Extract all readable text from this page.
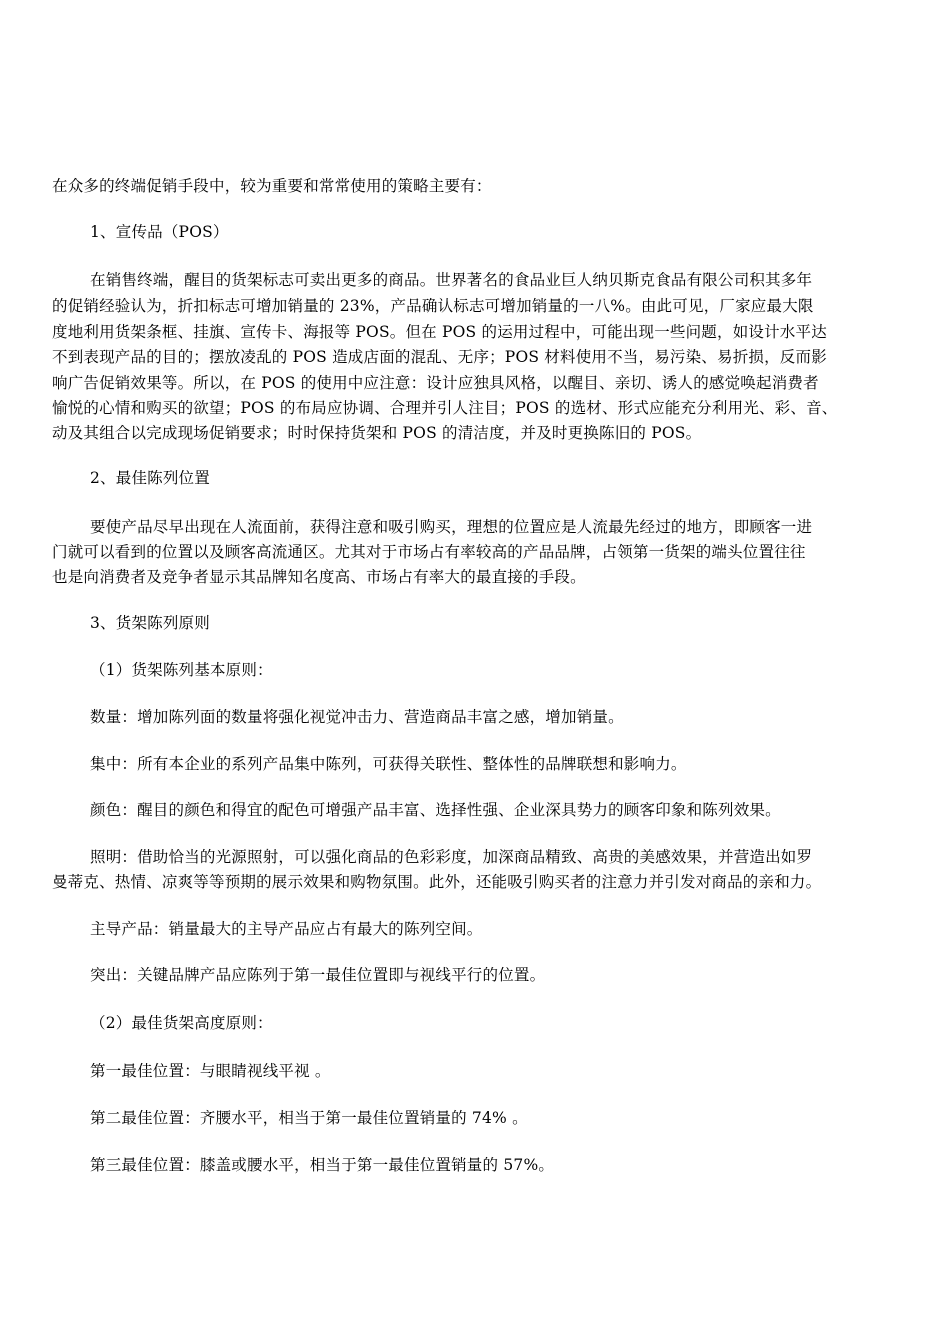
在众多的终端促销手段中，较为重要和常常使用的策略主要有：
1、宣传品（POS）
在销售终端，醒目的货架标志可卖出更多的商品。世界著名的食品业巨人纳贝斯克食品有限公司积其多年
的促销经验认为，折扣标志可增加销量的 23%，产品确认标志可增加销量的一八%。由此可见，厂家应最大限
度地利用货架条框、挂旗、宣传卡、海报等 POS。但在 POS 的运用过程中，可能出现一些问题，如设计水平达
不到表现产品的目的；摆放凌乱的 POS 造成店面的混乱、无序；POS 材料使用不当，易污染、易折损，反而影
响广告促销效果等。所以，在 POS 的使用中应注意：设计应独具风格，以醒目、亲切、诱人的感觉唤起消费者
愉悦的心情和购买的欲望；POS 的布局应协调、合理并引人注目；POS 的选材、形式应能充分利用光、彩、音、
动及其组合以完成现场促销要求；时时保持货架和 POS 的清洁度，并及时更换陈旧的 POS。
2、最佳陈列位置
要使产品尽早出现在人流面前，获得注意和吸引购买，理想的位置应是人流最先经过的地方，即顾客一进
门就可以看到的位置以及顾客高流通区。尤其对于市场占有率较高的产品品牌，占领第一货架的端头位置往往
也是向消费者及竞争者显示其品牌知名度高、市场占有率大的最直接的手段。
3、货架陈列原则
（1）货架陈列基本原则：
数量：增加陈列面的数量将强化视觉冲击力、营造商品丰富之感，增加销量。
集中：所有本企业的系列产品集中陈列，可获得关联性、整体性的品牌联想和影响力。
颜色：醒目的颜色和得宜的配色可增强产品丰富、选择性强、企业深具势力的顾客印象和陈列效果。
照明：借助恰当的光源照射，可以强化商品的色彩彩度，加深商品精致、高贵的美感效果，并营造出如罗
曼蒂克、热情、凉爽等等预期的展示效果和购物氛围。此外，还能吸引购买者的注意力并引发对商品的亲和力。
主导产品：销量最大的主导产品应占有最大的陈列空间。
突出：关键品牌产品应陈列于第一最佳位置即与视线平行的位置。
（2）最佳货架高度原则：
第一最佳位置：与眼睛视线平视 。
第二最佳位置：齐腰水平，相当于第一最佳位置销量的 74% 。
第三最佳位置：膝盖或腰水平，相当于第一最佳位置销量的 57%。
